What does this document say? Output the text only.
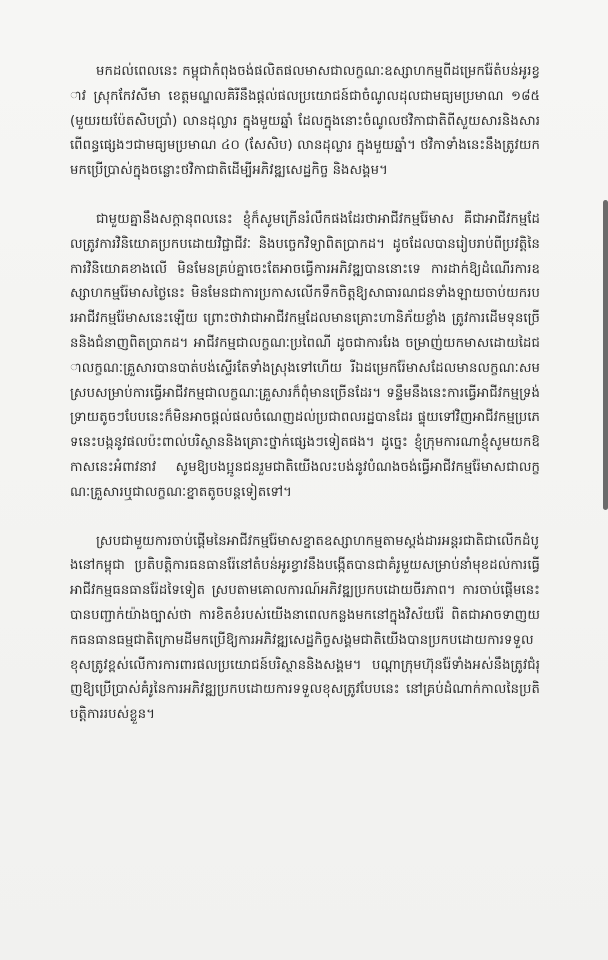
មកដល់ពេលនេះ កម្ពុជាកំពុងចង់ផលិតផលមាសជាលក្ខណៈឧស្សាហកម្មពីដម្រេករ៉ែតំបន់អូរខ្វាវ ស្រុកកែវសីមា ខេត្តមណ្ឌលគិរីនឹងផ្តល់ផលប្រយោជន៍ជាចំណូលដុលជាមធ្យមប្រមាណ ១៨៥ (មួយរយប៉ែតសិបប្រាំ) លានដុល្លារ ក្នុងមួយឆ្នាំ ដែលក្នុងនោះចំណូលថវិកាជាតិពីសួយសារនិងសារពើពន្ធផ្សេងៗជាមធ្យមប្រមាណ ៤០ (សែសិប) លានដុល្លារ ក្នុងមួយឆ្នាំ។ ថវិកាទាំងនេះនឹងត្រូវយកមកប្រើប្រាស់ក្នុងចន្លោះថវិកាជាតិដើម្បីអភិវឌ្ឍសេដ្ឋកិច្ច និងសង្គម។

ជាមួយគ្នានឹងសក្តានុពលនេះ ខ្ញុំក៏សូមក្រើនរំលឹកផងដែរថាអាជីវកម្មរ៉ែមាស គឺជាអាជីវកម្មដែលត្រូវការវិនិយោគប្រកបដោយវិជ្ជាជីវៈ និងបច្ចេកវិទ្យាពិតប្រាកដ។ ដូចដែលបានរៀបរាប់ពីប្រវត្តិនៃការវិនិយោគខាងលើ មិនមែនគ្រប់គ្នាចេះតែអាចធ្វើការអភិវឌ្ឍបាននោះទេ ការដាក់ឱ្យដំណើរការឧស្សាហកម្មរ៉ែមាសថ្ងៃនេះ មិនមែនជាការប្រកាសលើកទឹកចិត្តឱ្យសាធារណជនទាំងឡាយចាប់យករបរអាជីវកម្មរ៉ែមាសនេះឡើយ ព្រោះថាវាជាអាជីវកម្មដែលមានគ្រោះហានិភ័យខ្លាំង ត្រូវការដើមទុនច្រើននិងជំនាញពិតប្រាកដ។ អាជីវកម្មជាលក្ខណៈប្រពៃណី ដូចជាការរែង ចម្រាញ់យកមាសដោយដៃជាលក្ខណៈគ្រួសារបានបាត់បង់ស្ទើរតែទាំងស្រុងទៅហើយ រីឯដម្រេករ៉ែមាសដែលមានលក្ខណៈសមស្របសម្រាប់ការធ្វើអាជីវកម្មជាលក្ខណៈគ្រួសារក៏ពុំមានច្រើនដែរ។ ទន្ទឹមនឹងនេះការធ្វើអាជីវកម្មទ្រង់ទ្រាយតូចៗបែបនេះក៏មិនអាចផ្តល់ផលចំណេញដល់ប្រជាពលរដ្ឋបានដែរ ផ្ទុយទៅវិញអាជីវកម្មប្រភេទនេះបង្កនូវផលប៉ះពាល់បរិស្ថាននិងគ្រោះថ្នាក់ផ្សេងៗទៀតផង។ ដូច្នេះ ខ្ញុំក្រុមការណាខ្ញុំសូមយកឱកាសនេះអំពាវនាវ សូមឱ្យបងប្អូនជនរួមជាតិយើងលះបង់នូវបំណងចង់ធ្វើអាជីវកម្មរ៉ែមាសជាលក្ខណៈគ្រួសារឬជាលក្ខណៈខ្នាតតូចបន្តទៀតទៅ។

ស្របជាមួយការចាប់ផ្តើមនៃអាជីវកម្មរ៉ែមាសខ្នាតឧស្សាហកម្មតាមស្តង់ដារអន្តរជាតិជាលើកដំបូងនៅកម្ពុជា ប្រតិបត្តិការធនធានរ៉ែនៅតំបន់អូរខ្វាវនឹងបង្កើតបានជាគំរូមួយសម្រាប់នាំមុខដល់ការធ្វើអាជីវកម្មធនធានរ៉ែដទៃទៀត ស្របតាមគោលការណ៍អភិវឌ្ឍប្រកបដោយចីរភាព។ ការចាប់ផ្តើមនេះបានបញ្ជាក់យ៉ាងច្បាស់ថា ការខិតខំរបស់យើងនាពេលកន្លងមកនៅក្នុងវិស័យរ៉ែ ពិតជាអាចទាញយកធនធានធម្មជាតិក្រោមដីមកប្រើឱ្យការអភិវឌ្ឍសេដ្ឋកិច្ចសង្គមជាតិយើងបានប្រកបដោយការទទួលខុសត្រូវខ្ពស់លើការការពារផលប្រយោជន៍បរិស្ថាននិងសង្គម។ បណ្តាក្រុមហ៊ុនរ៉ែទាំងអស់នឹងត្រូវជំរុញឱ្យប្រើប្រាស់គំរូនៃការអភិវឌ្ឍប្រកបដោយការទទួលខុសត្រូវបែបនេះ នៅគ្រប់ដំណាក់កាលនៃប្រតិបត្តិការរបស់ខ្លួន។
